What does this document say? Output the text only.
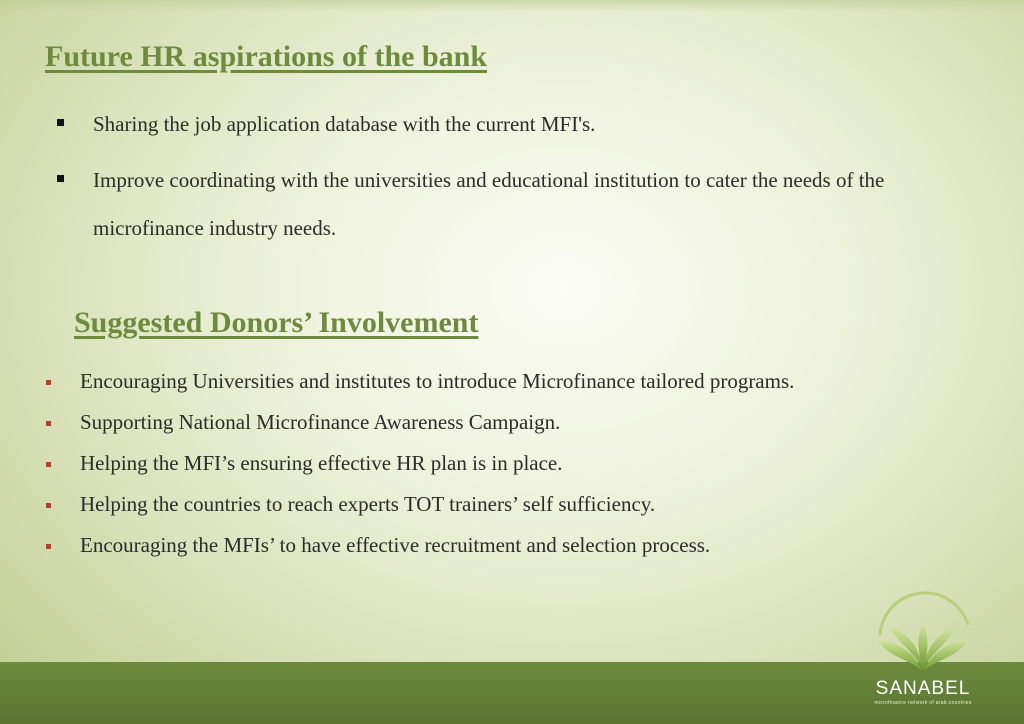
Future HR aspirations of the bank
Sharing the job application database with the current MFI's.
Improve coordinating with the universities and educational institution to cater the needs of the microfinance industry needs.
Suggested Donors’ Involvement
Encouraging Universities and institutes to introduce Microfinance tailored programs.
Supporting National Microfinance Awareness Campaign.
Helping the MFI’s ensuring effective HR plan is in place.
Helping the countries to reach experts TOT trainers’ self sufficiency.
Encouraging the MFIs’ to have effective recruitment and selection process.
SANABEL
microfinance network of arab countries
